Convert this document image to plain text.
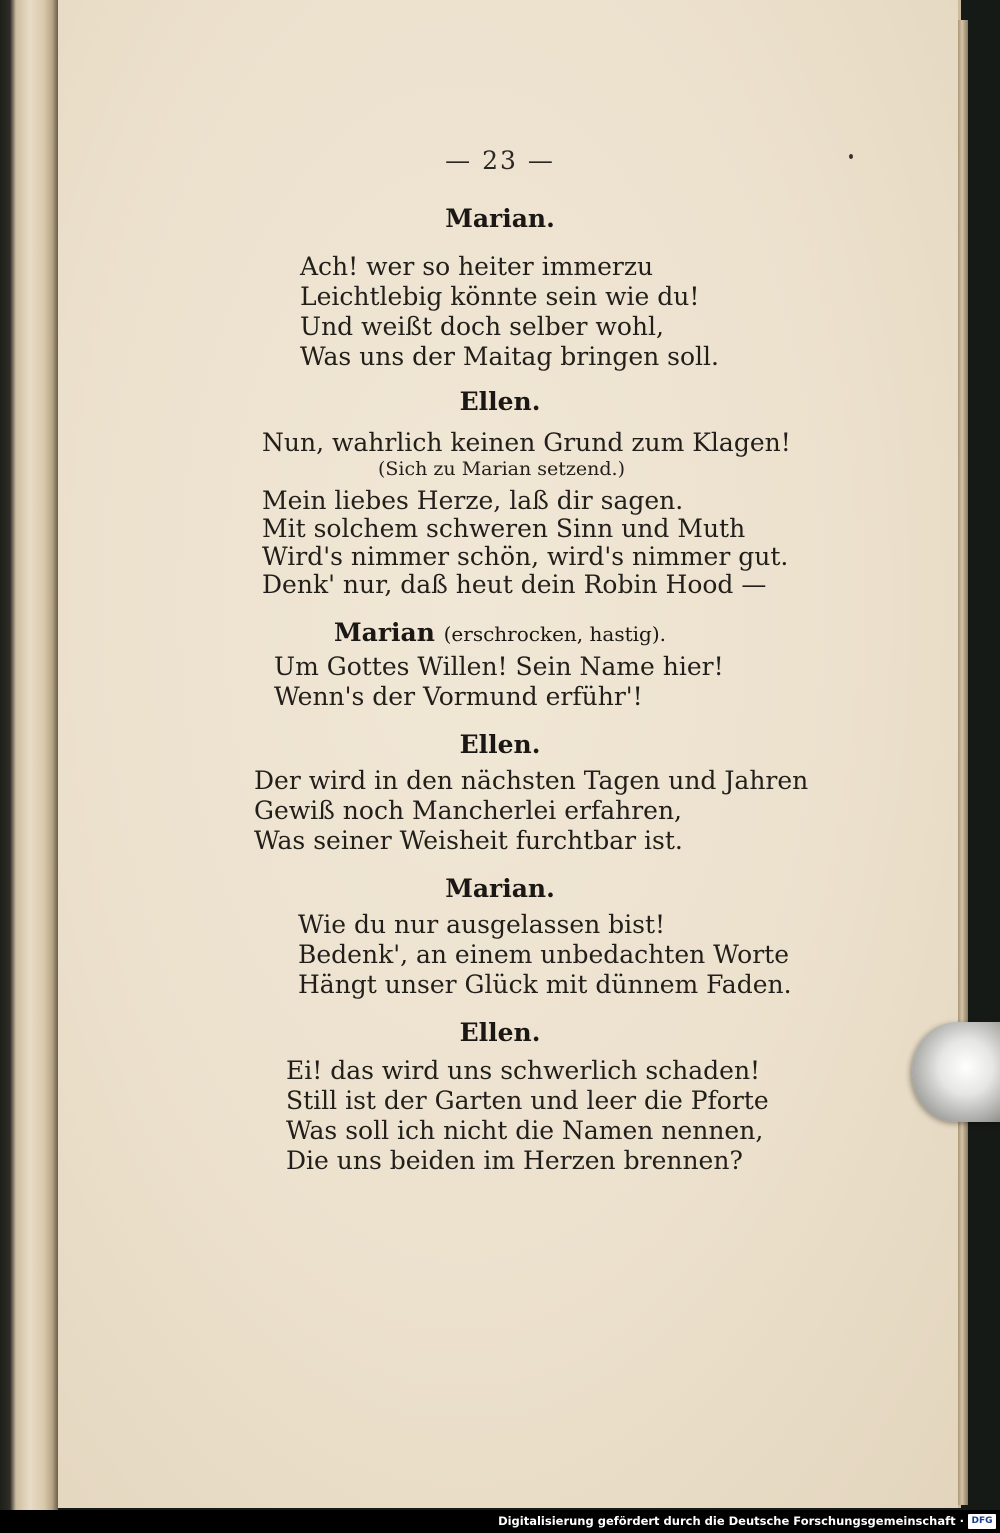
— 23 —
Marian.
Ach! wer so heiter immerzu
Leichtlebig könnte sein wie du!
Und weißt doch selber wohl,
Was uns der Maitag bringen soll.
Ellen.
Nun, wahrlich keinen Grund zum Klagen!
(Sich zu Marian setzend.)
Mein liebes Herze, laß dir sagen.
Mit solchem schweren Sinn und Muth
Wird's nimmer schön, wird's nimmer gut.
Denk' nur, daß heut dein Robin Hood —
Marian (erschrocken, hastig).
Um Gottes Willen! Sein Name hier!
Wenn's der Vormund erführ'!
Ellen.
Der wird in den nächsten Tagen und Jahren
Gewiß noch Mancherlei erfahren,
Was seiner Weisheit furchtbar ist.
Marian.
Wie du nur ausgelassen bist!
Bedenk', an einem unbedachten Worte
Hängt unser Glück mit dünnem Faden.
Ellen.
Ei! das wird uns schwerlich schaden!
Still ist der Garten und leer die Pforte
Was soll ich nicht die Namen nennen,
Die uns beiden im Herzen brennen?
Digitalisierung gefördert durch die Deutsche Forschungsgemeinschaft · DFG
